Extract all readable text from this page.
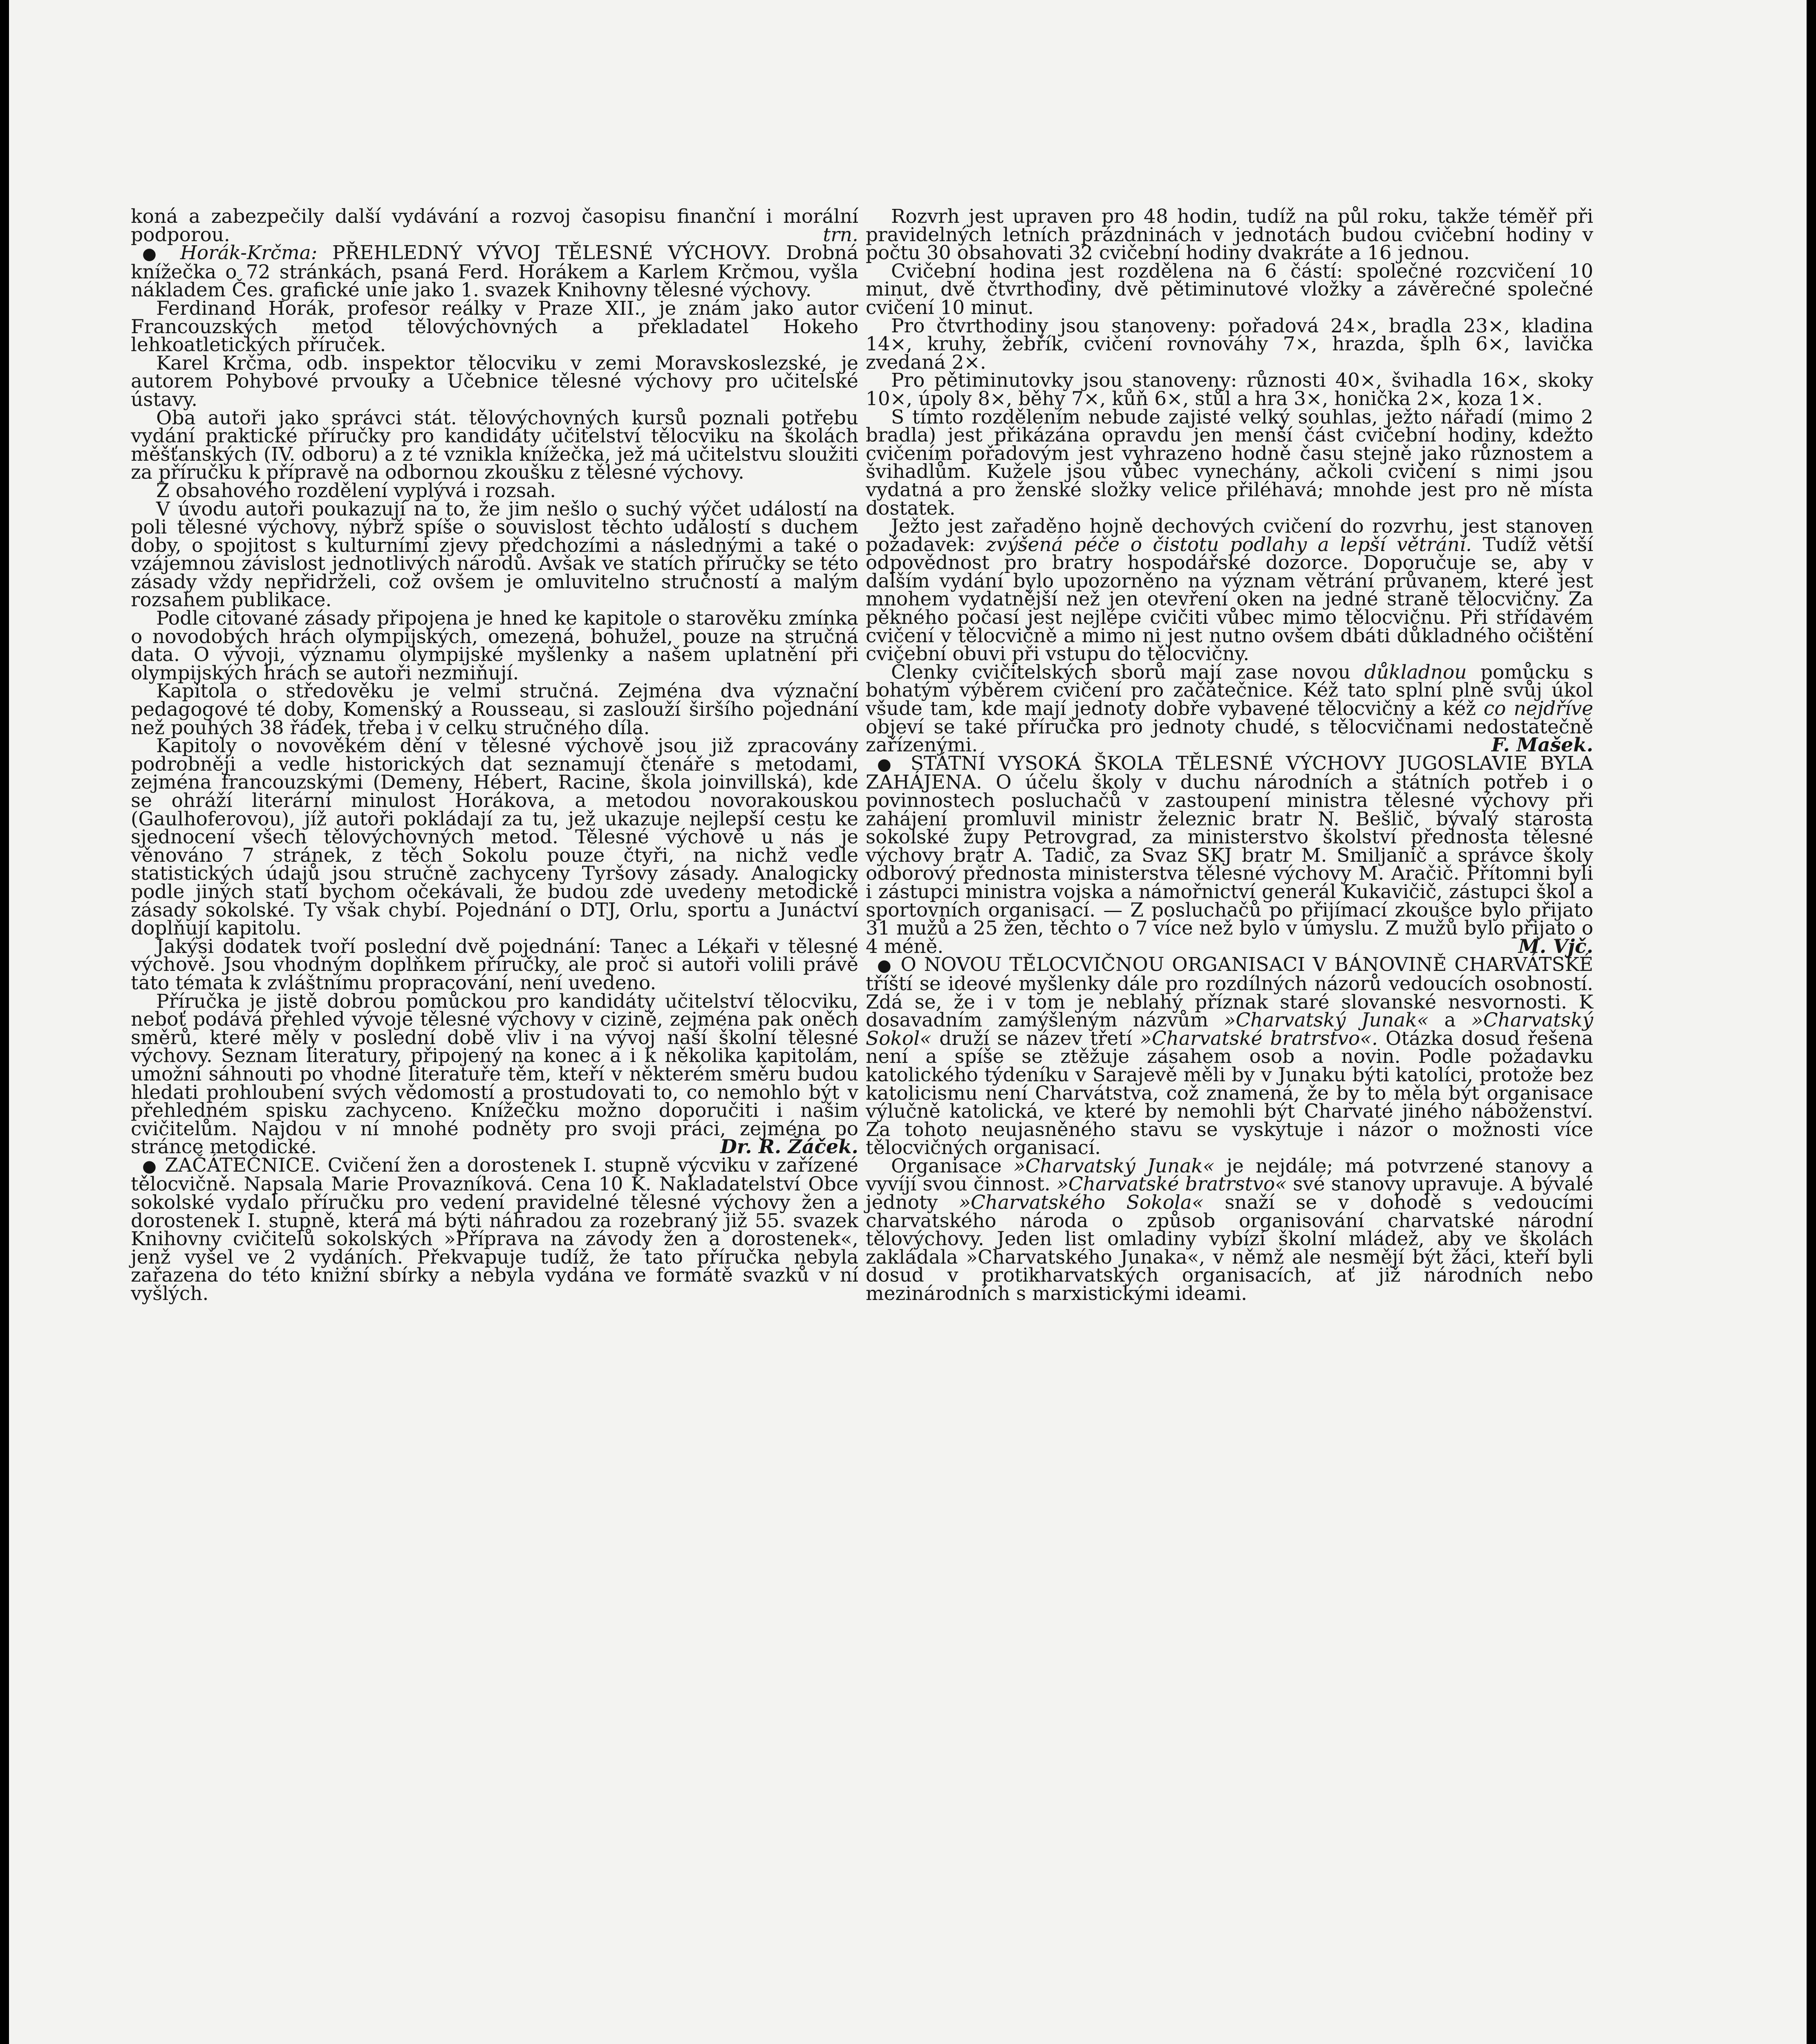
koná a zabezpečily další vydávání a rozvoj časopisu finanční i morální podporou.	trn.

● Horák-Krčma: PŘEHLEDNÝ VÝVOJ TĚLESNÉ VÝCHOVY. Drobná knížečka o 72 stránkách, psaná Ferd. Horákem a Karlem Krčmou, vyšla nákladem Čes. grafické unie jako 1. svazek Knihovny tělesné výchovy.

Ferdinand Horák, profesor reálky v Praze XII., je znám jako autor Francouzských metod tělovýchovných a překladatel Hokeho lehkoatletických příruček.

Karel Krčma, odb. inspektor tělocviku v zemi Moravskoslezské, je autorem Pohybové prvouky a Učebnice tělesné výchovy pro učitelské ústavy.

Oba autoři jako správci stát. tělovýchovných kursů poznali potřebu vydání praktické příručky pro kandidáty učitelství tělocviku na školách měšťanských (IV. odboru) a z té vznikla knížečka, jež má učitelstvu sloužiti za příručku k přípravě na odbornou zkoušku z tělesné výchovy.

Z obsahového rozdělení vyplývá i rozsah.

V úvodu autoři poukazují na to, že jim nešlo o suchý výčet událostí na poli tělesné výchovy, nýbrž spíše o souvislost těchto událostí s duchem doby, o spojitost s kulturními zjevy předchozími a následnými a také o vzájemnou závislost jednotlivých národů. Avšak ve statích příručky se této zásady vždy nepřidrželi, což ovšem je omluvitelno stručností a malým rozsahem publikace.

Podle citované zásady připojena je hned ke kapitole o starověku zmínka o novodobých hrách olympijských, omezená, bohužel, pouze na stručná data. O vývoji, významu olympijské myšlenky a našem uplatnění při olympijských hrách se autoři nezmiňují.

Kapitola o středověku je velmi stručná. Zejména dva význační pedagogové té doby, Komenský a Rousseau, si zaslouží širšího pojednání než pouhých 38 řádek, třeba i v celku stručného díla.

Kapitoly o novověkém dění v tělesné výchově jsou již zpracovány podrobněji a vedle historických dat seznamují čtenáře s metodami, zejména francouzskými (Demeny, Hébert, Racine, škola joinvillská), kde se ohráží literární minulost Horákova, a metodou novorakouskou (Gaulhoferovou), jíž autoři pokládají za tu, jež ukazuje nejlepší cestu ke sjednocení všech tělovýchovných metod. Tělesné výchově u nás je věnováno 7 stránek, z těch Sokolu pouze čtyři, na nichž vedle statistických údajů jsou stručně zachyceny Tyršovy zásady. Analogicky podle jiných statí bychom očekávali, že budou zde uvedeny metodické zásady sokolské. Ty však chybí. Pojednání o DTJ, Orlu, sportu a Junáctví doplňují kapitolu.

Jakýsi dodatek tvoří poslední dvě pojednání: Tanec a Lékaři v tělesné výchově. Jsou vhodným doplňkem příručky, ale proč si autoři volili právě tato témata k zvláštnímu propracování, není uvedeno.

Příručka je jistě dobrou pomůckou pro kandidáty učitelství tělocviku, neboť podává přehled vývoje tělesné výchovy v cizině, zejména pak oněch směrů, které měly v poslední době vliv i na vývoj naší školní tělesné výchovy. Seznam literatury, připojený na konec a i k několika kapitolám, umožní sáhnouti po vhodné literatuře těm, kteří v některém směru budou hledati prohloubení svých vědomostí a prostudovati to, co nemohlo být v přehledném spisku zachyceno. Knížečku možno doporučiti i našim cvičitelům. Najdou v ní mnohé podněty pro svoji práci, zejména po stránce metodické.	Dr. R. Žáček.

● ZAČÁTEČNICE. Cvičení žen a dorostenek I. stupně výcviku v zařízené tělocvičně. Napsala Marie Provazníková. Cena 10 K. Nakladatelství Obce sokolské vydalo příručku pro vedení pravidelné tělesné výchovy žen a dorostenek I. stupně, která má býti náhradou za rozebraný již 55. svazek Knihovny cvičitelů sokolských »Příprava na závody žen a dorostenek«, jenž vyšel ve 2 vydáních. Překvapuje tudíž, že tato příručka nebyla zařazena do této knižní sbírky a nebyla vydána ve formátě svazků v ní vyšlých.

Rozvrh jest upraven pro 48 hodin, tudíž na půl roku, takže téměř při pravidelných letních prázdninách v jednotách budou cvičební hodiny v počtu 30 obsahovati 32 cvičební hodiny dvakráte a 16 jednou.

Cvičební hodina jest rozdělena na 6 částí: společné rozcvičení 10 minut, dvě čtvrthodiny, dvě pětiminutové vložky a závěrečné společné cvičení 10 minut.

Pro čtvrthodiny jsou stanoveny: pořadová 24×, bradla 23×, kladina 14×, kruhy, žebřík, cvičení rovnováhy 7×, hrazda, šplh 6×, lavička zvedaná 2×.

Pro pětiminutovky jsou stanoveny: různosti 40×, švihadla 16×, skoky 10×, úpoly 8×, běhy 7×, kůň 6×, stůl a hra 3×, honička 2×, koza 1×.

S tímto rozdělením nebude zajisté velký souhlas, ježto nářadí (mimo 2 bradla) jest přikázána opravdu jen menší část cvičební hodiny, kdežto cvičením pořadovým jest vyhrazeno hodně času stejně jako různostem a švihadlům. Kužele jsou vůbec vynechány, ačkoli cvičení s nimi jsou vydatná a pro ženské složky velice přiléhavá; mnohde jest pro ně místa dostatek.

Ježto jest zařaděno hojně dechových cvičení do rozvrhu, jest stanoven požadavek: zvýšená péče o čistotu podlahy a lepší větrání. Tudíž větší odpovědnost pro bratry hospodářské dozorce. Doporučuje se, aby v dalším vydání bylo upozorněno na význam větrání průvanem, které jest mnohem vydatnější než jen otevření oken na jedné straně tělocvičny. Za pěkného počasí jest nejlépe cvičiti vůbec mimo tělocvičnu. Při střídavém cvičení v tělocvičně a mimo ni jest nutno ovšem dbáti důkladného očištění cvičební obuvi při vstupu do tělocvičny.

Členky cvičitelských sborů mají zase novou důkladnou pomůcku s bohatým výběrem cvičení pro začátečnice. Kéž tato splní plně svůj úkol všude tam, kde mají jednoty dobře vybavené tělocvičny a kéž co nejdříve objeví se také příručka pro jednoty chudé, s tělocvičnami nedostatečně zařízenými.	F. Mašek.

● STÁTNÍ VYSOKÁ ŠKOLA TĚLESNÉ VÝCHOVY JUGOSLAVIE BYLA ZAHÁJENA. O účelu školy v duchu národních a státních potřeb i o povinnostech posluchačů v zastoupení ministra tělesné výchovy při zahájení promluvil ministr železnic bratr N. Bešlič, bývalý starosta sokolské župy Petrovgrad, za ministerstvo školství přednosta tělesné výchovy bratr A. Tadič, za Svaz SKJ bratr M. Smiljanič a správce školy odborový přednosta ministerstva tělesné výchovy M. Aračič. Přítomni byli i zástupci ministra vojska a námořnictví generál Kukavičič, zástupci škol a sportovních organisací. — Z posluchačů po přijímací zkoušce bylo přijato 31 mužů a 25 žen, těchto o 7 více než bylo v úmyslu. Z mužů bylo přijato o 4 méně.	M. Vjč.

● O NOVOU TĚLOCVIČNOU ORGANISACI V BÁNOVINĚ CHARVÁTSKÉ tříští se ideové myšlenky dále pro rozdílných názorů vedoucích osobností. Zdá se, že i v tom je neblahý příznak staré slovanské nesvornosti. K dosavadním zamýšleným názvům »Charvatský Junak« a »Charvatský Sokol« druží se název třetí »Charvatské bratrstvo«. Otázka dosud řešena není a spíše se ztěžuje zásahem osob a novin. Podle požadavku katolického týdeníku v Sarajevě měli by v Junaku býti katolíci, protože bez katolicismu není Charvátstva, což znamená, že by to měla být organisace výlučně katolická, ve které by nemohli být Charvaté jiného náboženství. Za tohoto neujasněného stavu se vyskytuje i názor o možnosti více tělocvičných organisací.

Organisace »Charvatský Junak« je nejdále; má potvrzené stanovy a vyvíjí svou činnost. »Charvatské bratrstvo« své stanovy upravuje. A bývalé jednoty »Charvatského Sokola« snaží se v dohodě s vedoucími charvatského národa o způsob organisování charvatské národní tělovýchovy. Jeden list omladiny vybízí školní mládež, aby ve školách zakládala »Charvatského Junaka«, v němž ale nesmějí být žáci, kteří byli dosud v protikharvatských organisacích, ať již národních nebo mezinárodních s marxistickými ideami.
